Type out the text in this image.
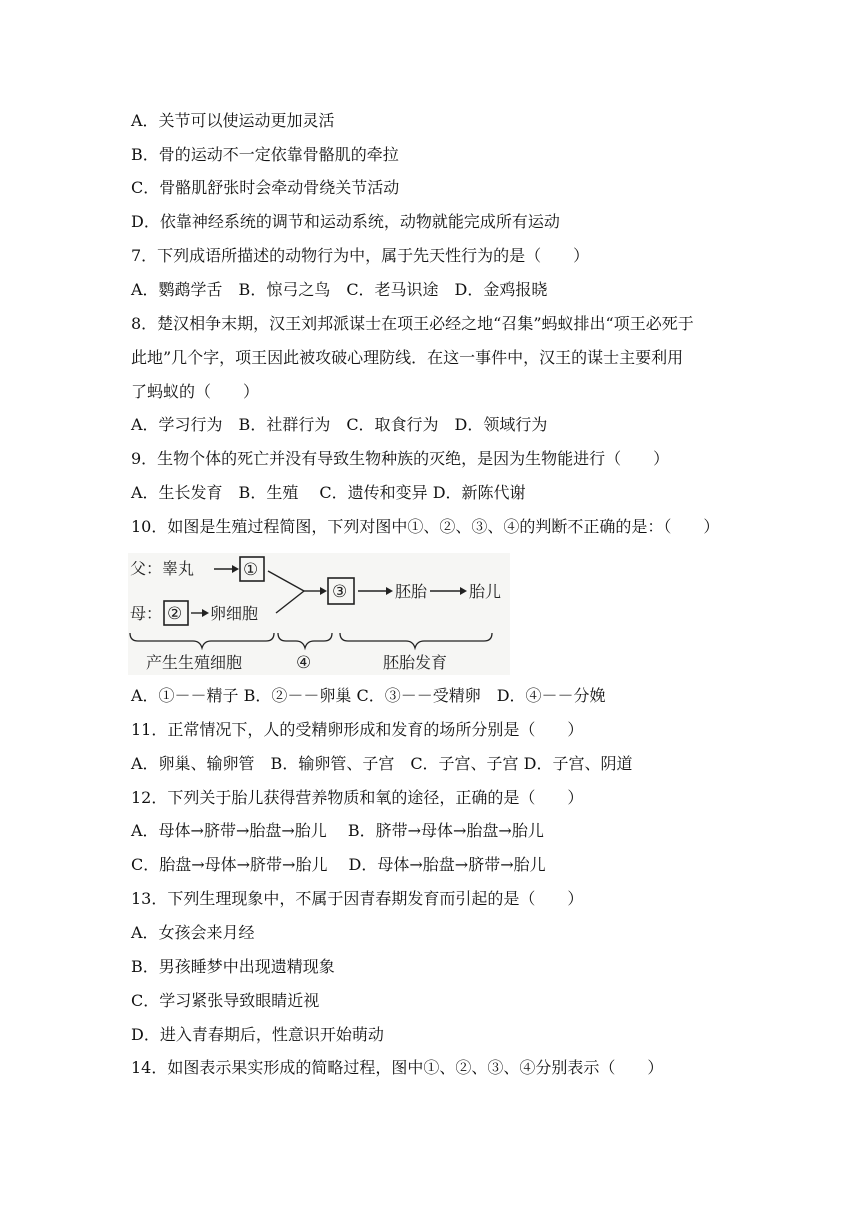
A．关节可以使运动更加灵活
B．骨的运动不一定依靠骨骼肌的牵拉
C．骨骼肌舒张时会牵动骨绕关节活动
D．依靠神经系统的调节和运动系统，动物就能完成所有运动
7．下列成语所描述的动物行为中，属于先天性行为的是（　　）
A．鹦鹉学舌　B．惊弓之鸟　C．老马识途　D．金鸡报晓
8．楚汉相争末期，汉王刘邦派谋士在项王必经之地“召集”蚂蚁排出“项王必死于
此地”几个字，项王因此被攻破心理防线．在这一事件中，汉王的谋士主要利用
了蚂蚁的（　　）
A．学习行为　B．社群行为　C．取食行为　D．领域行为
9．生物个体的死亡并没有导致生物种族的灭绝，是因为生物能进行（　　）
A．生长发育　B．生殖　 C．遗传和变异 D．新陈代谢
10．如图是生殖过程简图，下列对图中①、②、③、④的判断不正确的是：（　　）
父：睾丸	①
母： ② 卵细胞
③	胚胎	胎儿
产生生殖细胞	④	胚胎发育
A．①－－精子 B．②－－卵巢 C．③－－受精卵　D．④－－分娩
11．正常情况下，人的受精卵形成和发育的场所分别是（　　）
A．卵巢、输卵管　B．输卵管、子宫　C．子宫、子宫 D．子宫、阴道
12．下列关于胎儿获得营养物质和氧的途径，正确的是（　　）
A．母体→脐带→胎盘→胎儿　 B．脐带→母体→胎盘→胎儿
C．胎盘→母体→脐带→胎儿　 D．母体→胎盘→脐带→胎儿
13．下列生理现象中，不属于因青春期发育而引起的是（　　）
A．女孩会来月经
B．男孩睡梦中出现遗精现象
C．学习紧张导致眼睛近视
D．进入青春期后，性意识开始萌动
14．如图表示果实形成的简略过程，图中①、②、③、④分别表示（　　）
